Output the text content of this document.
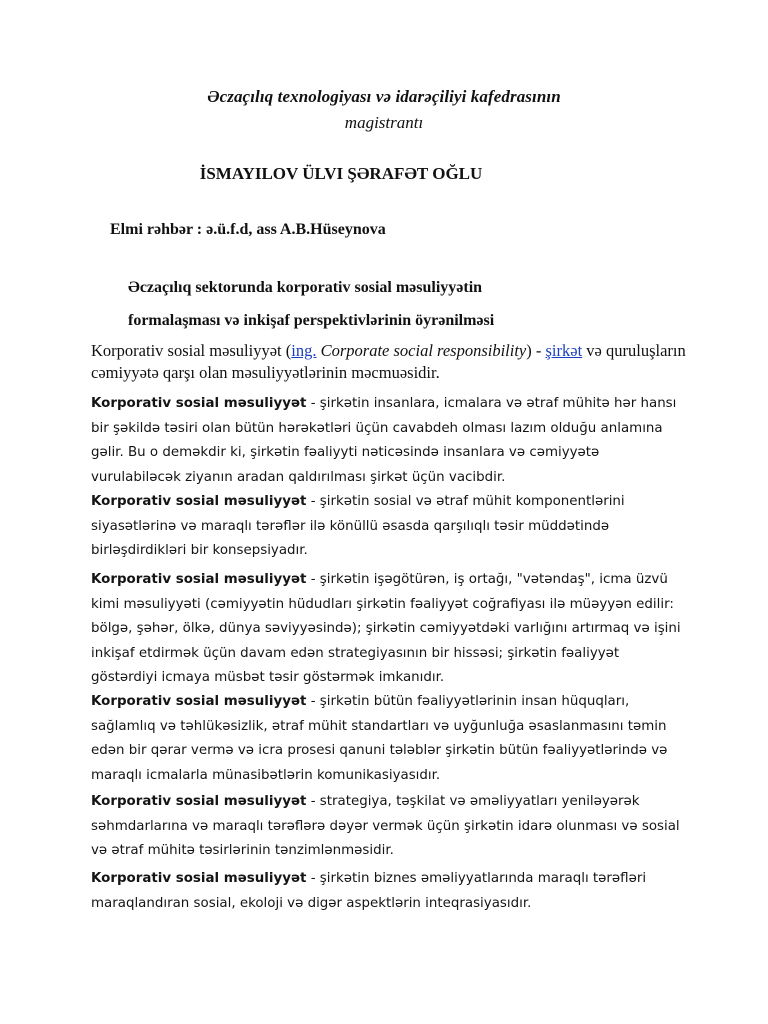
Əczaçılıq texnologiyası və idarəçiliyi kafedrasının
magistrantı
İSMAYILOV ÜLVI ŞƏRAFƏT OĞLU
Elmi rəhbər : ə.ü.f.d, ass A.B.Hüseynova
Əczaçılıq sektorunda korporativ sosial məsuliyyətin
formalaşması və inkişaf perspektivlərinin öyrənilməsi
Korporativ sosial məsuliyyət (ing. Corporate social responsibility) - şirkət və quruluşların cəmiyyətə qarşı olan məsuliyyətlərinin məcmuəsidir.
Korporativ sosial məsuliyyət - şirkətin insanlara, icmalara və ətraf mühitə hər hansı bir şəkildə təsiri olan bütün hərəkətləri üçün cavabdeh olması lazım olduğu anlamına gəlir. Bu o deməkdir ki, şirkətin fəaliyyti nəticəsində insanlara və cəmiyyətə vurulabiləcək ziyanın aradan qaldırılması şirkət üçün vacibdir.
Korporativ sosial məsuliyyət - şirkətin sosial və ətraf mühit komponentlərini siyasətlərinə və maraqlı tərəflər ilə könüllü əsasda qarşılıqlı təsir müddətində birləşdirdikləri bir konsepsiyadır.
Korporativ sosial məsuliyyət - şirkətin işəgötürən, iş ortağı, "vətəndaş", icma üzvü kimi məsuliyyəti (cəmiyyətin hüdudları şirkətin fəaliyyət coğrafiyası ilə müəyyən edilir: bölgə, şəhər, ölkə, dünya səviyyəsində); şirkətin cəmiyyətdəki varlığını artırmaq və işini inkişaf etdirmək üçün davam edən strategiyasının bir hissəsi; şirkətin fəaliyyət göstərdiyi icmaya müsbət təsir göstərmək imkanıdır.
Korporativ sosial məsuliyyət - şirkətin bütün fəaliyyətlərinin insan hüquqları, sağlamlıq və təhlükəsizlik, ətraf mühit standartları və uyğunluğa əsaslanmasını təmin edən bir qərar vermə və icra prosesi qanuni tələblər şirkətin bütün fəaliyyətlərində və maraqlı icmalarla münasibətlərin komunikasiyasıdır.
Korporativ sosial məsuliyyət - strategiya, təşkilat və əməliyyatları yeniləyərək səhmdarlarına və maraqlı tərəflərə dəyər vermək üçün şirkətin idarə olunması və sosial və ətraf mühitə təsirlərinin tənzimlənməsidir.
Korporativ sosial məsuliyyət - şirkətin biznes əməliyyatlarında maraqlı tərəfləri maraqlandıran sosial, ekoloji və digər aspektlərin inteqrasiyasıdır.
